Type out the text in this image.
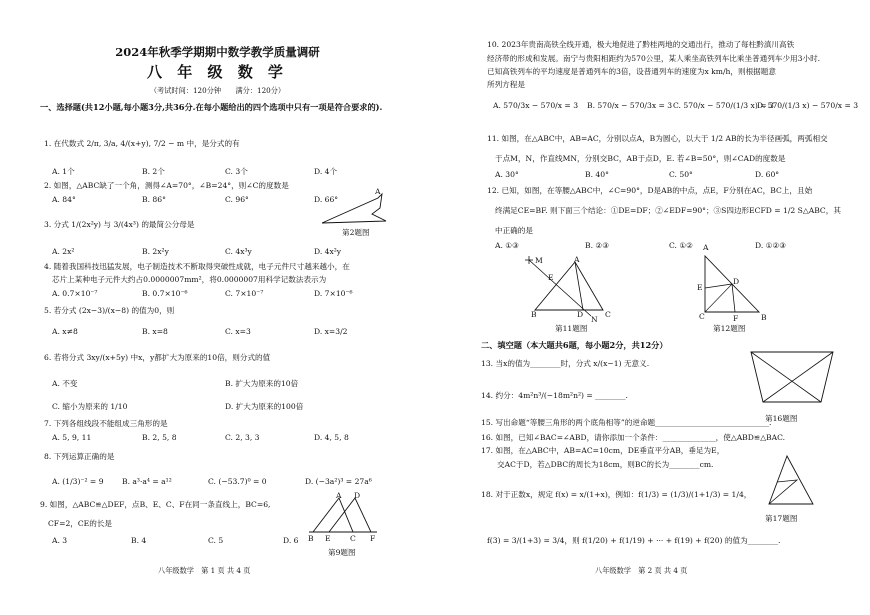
2024年秋季学期期中数学教学质量调研
八 年 级 数 学
（考试时间：120分钟　　满分：120分）
一、选择题(共12小题,每小题3分,共36分.在每小题给出的四个选项中只有一项是符合要求的).
1. 在代数式 2/π, 3/a, 4/(x+y), 7/2 − m 中，是分式的有
A. 1个	B. 2个	C. 3个	D. 4个
2. 如图，△ABC缺了一个角，测得∠A=70°，∠B=24°，则∠C的度数是
A. 84°	B. 86°	C. 96°	D. 66°
A
第2题图
3. 分式 1/(2x²y) 与 3/(4x³) 的最简公分母是
A. 2x²	B. 2x²y	C. 4x³y	D. 4x²y
4. 随着我国科技迅猛发展，电子制造技术不断取得突破性成就，电子元件尺寸越来越小，在
芯片上某种电子元件大约占0.0000007mm²，将0.0000007用科学记数法表示为
A. 0.7×10⁻⁷	B. 0.7×10⁻⁶	C. 7×10⁻⁷	D. 7×10⁻⁶
5. 若分式 (2x−3)/(x−8) 的值为0，则
A. x≠8	B. x=8	C. x=3	D. x=3/2
6. 若将分式 3xy/(x+5y) 中x，y都扩大为原来的10倍，则分式的值
A. 不变	B. 扩大为原来的10倍
C. 缩小为原来的 1/10	D. 扩大为原来的100倍
7. 下列各组线段不能组成三角形的是
A. 5, 9, 11	B. 2, 5, 8	C. 2, 3, 3	D. 4, 5, 8
8. 下列运算正确的是
A. (1/3)⁻² = 9 B. a³·a⁴ = a¹²	C. (−53.7)⁰ = 0	D. (−3a²)³ = 27a⁶
9. 如图，△ABC≌△DEF，点B、E、C、F在同一条直线上，BC=6,
CF=2，CE的长是
A. 3	B. 4	C. 5	D. 6
A D
B E	C F
第9题图
八年级数学　第 1 页 共 4 页
10. 2023年贵南高铁全线开通，极大地促进了黔桂两地的交通出行，推动了每柱黔滇川高铁
经济带的形成和发展。南宁与贵阳相距约为570公里，某人乘坐高铁列车比乘坐普通列车少用3小时.
已知高铁列车的平均速度是普通列车的3倍，设普通列车的速度为x km/h，则根据题意
所列方程是
A. 570/3x − 570/x = 3 B. 570/x − 570/3x = 3 C. 570/x − 570/(1/3 x) = 3
D. 570/(1/3 x) − 570/x = 3
11. 如图，在△ABC中，AB=AC，分别以点A，B为圆心，以大于 1/2 AB的长为半径画弧，两弧相交
于点M，N，作直线MN，分别交BC，AB于点D，E. 若∠B=50°，则∠CAD的度数是
A. 30°	B. 40°	C. 50°	D. 60°
12. 已知，如图，在等腰△ABC中，∠C=90°，D是AB的中点，点E，F分别在AC，BC上，且始
终满足CE=BF. 则下面三个结论：①DE=DF；②∠EDF=90°；③S四边形ECFD = 1/2 S△ABC，其
中正确的是
A. ①③	B. ②③	C. ①②	D. ①②③
M	A
E
B	D	C
N
第11题图
A
E
D
C	F	B
第12题图
二、填空题（本大题共6题，每小题2分，共12分）
第16题图
13. 当x的值为________时，分式 x/(x−1) 无意义.
14. 约分：4m²n³/(−18m²n²) = ________.
15. 写出命题“等腰三角形的两个底角相等”的逆命题______________________________.
16. 如图，已知∠BAC=∠ABD，请你添加一个条件：______________，使△ABD≌△BAC.
17. 如图，在△ABC中，AB=AC=10cm，DE垂直平分AB，垂足为E，
交AC于D，若△DBC的周长为18cm，则BC的长为________cm.
第17题图
18. 对于正数x，规定 f(x) = x/(1+x)，例如：f(1/3) = (1/3)/(1+1/3) = 1/4，
f(3) = 3/(1+3) = 3/4，则 f(1/20) + f(1/19) + ··· + f(19) + f(20) 的值为________.
八年级数学　第 2 页 共 4 页
